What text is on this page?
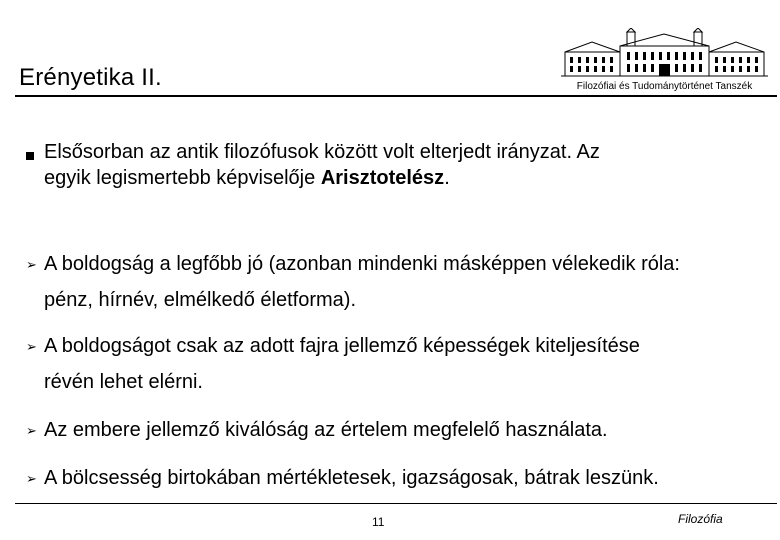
Erényetika II.	Filozófiai és Tudománytörténet Tanszék
Elsősorban az antik filozófusok között volt elterjedt irányzat. Az
egyik legismertebb képviselője Arisztotelész.
➢ A boldogság a legfőbb jó (azonban mindenki másképpen vélekedik róla:
pénz, hírnév, elmélkedő életforma).
➢ A boldogságot csak az adott fajra jellemző képességek kiteljesítése
révén lehet elérni.
➢ Az embere jellemző kiválóság az értelem megfelelő használata.
➢ A bölcsesség birtokában mértékletesek, igazságosak, bátrak leszünk.
11	Filozófia
